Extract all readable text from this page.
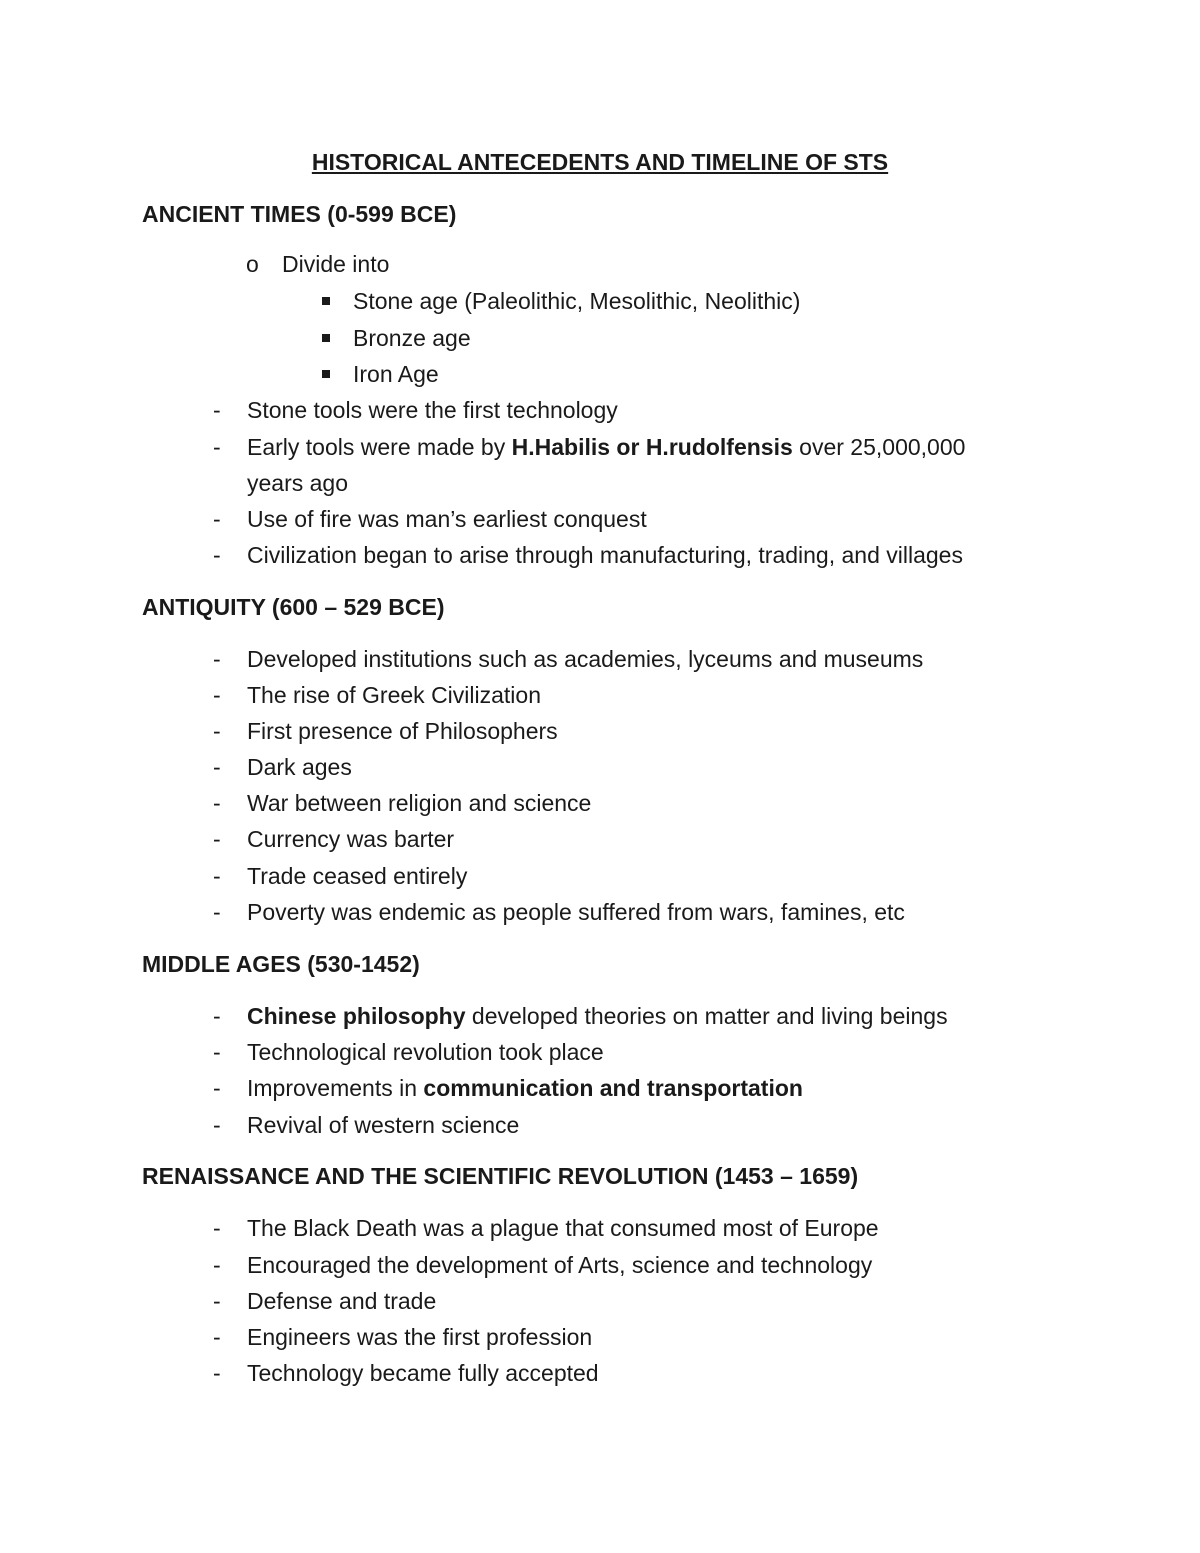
HISTORICAL ANTECEDENTS AND TIMELINE OF STS
ANCIENT TIMES (0-599 BCE)
o Divide into
Stone age (Paleolithic, Mesolithic, Neolithic)
Bronze age
Iron Age
- Stone tools were the first technology
- Early tools were made by H.Habilis or H.rudolfensis over 25,000,000
years ago
- Use of fire was man’s earliest conquest
- Civilization began to arise through manufacturing, trading, and villages
ANTIQUITY (600 – 529 BCE)
- Developed institutions such as academies, lyceums and museums
- The rise of Greek Civilization
- First presence of Philosophers
- Dark ages
- War between religion and science
- Currency was barter
- Trade ceased entirely
- Poverty was endemic as people suffered from wars, famines, etc
MIDDLE AGES (530-1452)
- Chinese philosophy developed theories on matter and living beings
- Technological revolution took place
- Improvements in communication and transportation
- Revival of western science
RENAISSANCE AND THE SCIENTIFIC REVOLUTION (1453 – 1659)
- The Black Death was a plague that consumed most of Europe
- Encouraged the development of Arts, science and technology
- Defense and trade
- Engineers was the first profession
- Technology became fully accepted
